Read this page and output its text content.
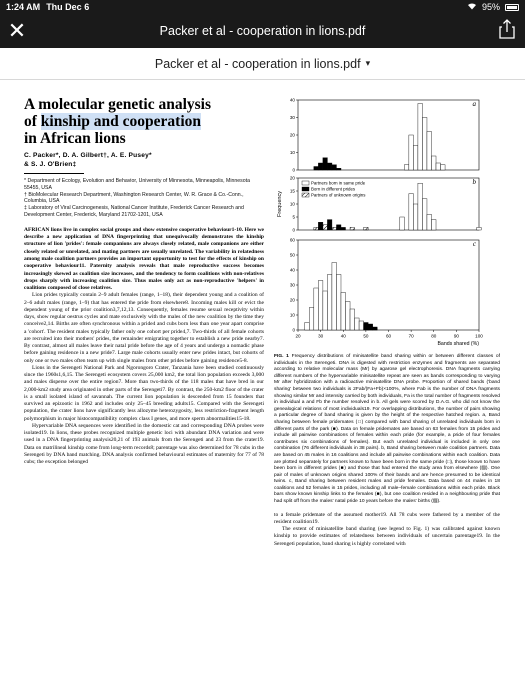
1:24 AM Thu Dec 6	95%
✕	Packer et al - cooperation in lions.pdf
Packer et al - cooperation in lions.pdf ▾
A molecular genetic analysis
of kinship and cooperation
in African lions
C. Packer*, D. A. Gilbert†, A. E. Pusey*
& S. J. O'Brien‡
* Department of Ecology, Evolution and Behavior, University of Minnesota, Minneapolis, Minnesota 55455, USA
† BioMolecular Research Department, Washington Research Center, W. R. Grace & Co.-Conn., Columbia, USA
‡ Laboratory of Viral Carcinogenesis, National Cancer Institute, Frederick Cancer Research and Development Center, Frederick, Maryland 21702-1201, USA
AFRICAN lions live in complex social groups and show extensive cooperative behaviour1-10. Here we describe a new application of DNA fingerprinting that unequivocally demonstrates the kinship structure of lion 'prides': female companions are always closely related, male companions are either closely related or unrelated, and mating partners are usually unrelated. The variability in relatedness among male coalition partners provides an important opportunity to test for the effects of kinship on cooperative behaviour11. Paternity analysis reveals that male reproductive success becomes increasingly skewed as coalition size increases, and the tendency to form coalitions with non-relatives drops sharply with increasing coalition size. Thus males only act as non-reproductive 'helpers' in coalitions composed of close relatives.
Lion prides typically contain 2–9 adult females (range, 1–18), their dependent young and a coalition of 2–6 adult males (range, 1–9) that has entered the pride from elsewhere8. Incoming males kill or evict the dependent young of the prior coalition3,7,12,13. Consequently, females resume sexual receptivity within days, show regular oestrus cycles and mate exclusively with the males of the new coalition by the time they conceive2,14. Births are often synchronous within a pride4 and cubs born less than one year apart comprise a 'cohort'. The resident males typically father only one cohort per pride4,7. Two-thirds of all female cohorts are recruited into their mothers' prides, the remainder emigrating together to establish a new pride nearby7. By contrast, almost all males leave their natal pride before the age of 4 years and undergo a nomadic phase before gaining residence in a new pride7. Large male cohorts usually enter new prides intact, but cohorts of only one or two males often team up with single males from other prides before gaining residence5-8.
Lions in the Serengeti National Park and Ngorongoro Crater, Tanzania have been studied continuously since the 1960s1,6,15. The Serengeti ecosystem covers 25,000 km2, the total lion population exceeds 3,000 and males disperse over the entire region7. More than two-thirds of the 118 males that have bred in our 2,000-km2 study area originated in other parts of the Serengeti7. By contrast, the 250-km2 floor of the crater is a small isolated island of savannah. The current lion population is descended from 15 founders that survived an epizootic in 1962 and includes only 25–45 breeding adults15. Compared with the Serengeti population, the crater lions have significantly less allozyme heterozygosity, less restriction-fragment length polymorphism in major histocompatibility complex class I genes, and more sperm abnormalities15-18.
Hypervariable DNA sequences were identified in the domestic cat and corresponding DNA probes were isolated19. In lions, these probes recognized multiple genetic loci with abundant DNA variation and were used in a DNA fingerprinting analysis20,21 of 193 animals from the Serengeti and 23 from the crater19. Data on matrilineal kinship come from long-term records8; parentage was also determined for 78 cubs in the Serengeti by DNA band matching. DNA analysis confirmed behavioural estimates of maternity for 77 of 78 cubs; the exception belonged
0
10
20
30
40	a
0
5
10
15
20	b
Frequency
Partners born in same pride
Born in different prides
Partners of unknown origins
0
10
20
30
40
50
60	c
20	30	40	50	60	70	80	90	100
Bands shared (%)
FIG. 1 Frequency distributions of minisatellite band sharing within or between different classes of individuals in the Serengeti. DNA is digested with restriction enzymes and fragments are separated according to relative molecular mass (Mr) by agarose gel electrophoresis. DNA fragments carrying different numbers of the hypervariable minisatellite repeat are seen as bands corresponding to varying Mr after hybridization with a radioactive minisatellite DNA probe. Proportion of shared bands ('band sharing' between two individuals is 2Fab/(Fa+Fb)×100%, where Fab is the number of DNA fragments showing similar Mr and intensity carried by both individuals, Fa is the total number of fragments resolved in individual a and Fb the number resolved in b. All gels were scored by D.A.G. who did not know the genealogical relations of most individuals19. For overlapping distributions, the number of pairs showing a particular degree of band sharing is given by the height of the respective hatched region. a, Band sharing between female pridemates (□) compared with band sharing of unrelated individuals born in different parts of the park (■). Data on female pridemates are based on 63 females from 15 prides and include all pairwise combinations of females within each pride (for example, a pride of four females contributes six combinations of females). But each unrelated individual is included in only one combination (76 different individuals in 38 pairs). b, Band sharing between male coalition partners. Data are based on 45 males in 16 coalitions and include all pairwise combinations within each coalition. Data are plotted separately for partners known to have been born in the same pride (□), those known to have been born in different prides (■) and those that had entered the study area from elsewhere (▨). One pair of males of unknown origins shared 100% of their bands and are hence presumed to be identical twins. c, Band sharing between resident males and pride females. Data based on 44 males in 18 coalitions and 52 females in 15 prides, including all male–female combinations within each pride. Black bars show known kinship links to the females (■), but one coalition resided in a neighbouring pride that had split off from the males' natal pride 10 years before the males' births (▨).
to a female pridemate of the assumed mother19. All 78 cubs were fathered by a member of the resident coalition19.
The extent of minisatellite band sharing (see legend to Fig. 1) was calibrated against known kinship to provide estimates of relatedness between individuals of uncertain parentage19. In the Serengeti population, band sharing is highly correlated with
